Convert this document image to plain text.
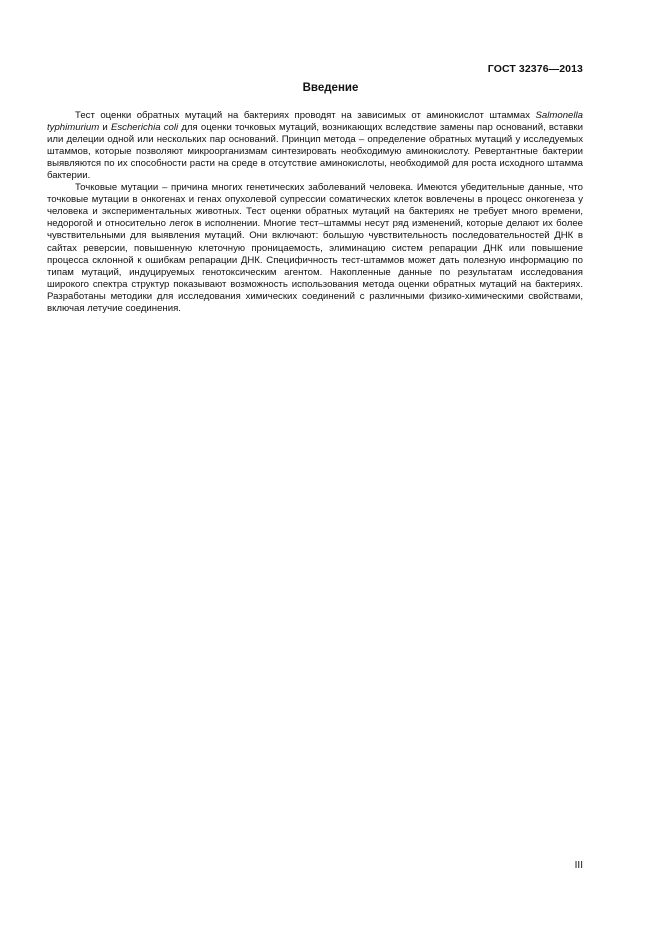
ГОСТ 32376—2013
Введение

Тест оценки обратных мутаций на бактериях проводят на зависимых от аминокислот штаммах Salmonella typhimurium и Escherichia coli для оценки точковых мутаций, возникающих вследствие замены пар оснований, вставки или делеции одной или нескольких пар оснований. Принцип метода – определение обратных мутаций у исследуемых штаммов, которые позволяют микроорганизмам синтезировать необходимую аминокислоту. Ревертантные бактерии выявляются по их способности расти на среде в отсутствие аминокислоты, необходимой для роста исходного штамма бактерии.

Точковые мутации – причина многих генетических заболеваний человека. Имеются убедительные данные, что точковые мутации в онкогенах и генах опухолевой супрессии соматических клеток вовлечены в процесс онкогенеза у человека и экспериментальных животных. Тест оценки обратных мутаций на бактериях не требует много времени, недорогой и относительно легок в исполнении. Многие тест–штаммы несут ряд изменений, которые делают их более чувствительными для выявления мутаций. Они включают: большую чувствительность последовательностей ДНК в сайтах реверсии, повышенную клеточную проницаемость, элиминацию систем репарации ДНК или повышение процесса склонной к ошибкам репарации ДНК. Специфичность тест-штаммов может дать полезную информацию по типам мутаций, индуцируемых генотоксическим агентом. Накопленные данные по результатам исследования широкого спектра структур показывают возможность использования метода оценки обратных мутаций на бактериях. Разработаны методики для исследования химических соединений с различными физико-химическими свойствами, включая летучие соединения.

III
